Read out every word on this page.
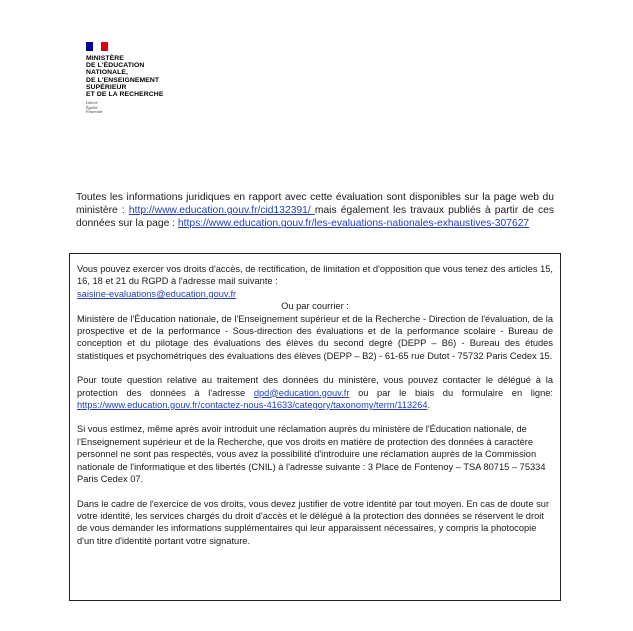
MINISTÈRE
DE L'ÉDUCATION
NATIONALE,
DE L'ENSEIGNEMENT
SUPÉRIEUR
ET DE LA RECHERCHE
Liberté
Égalité
Fraternité
Toutes les informations juridiques en rapport avec cette évaluation sont disponibles sur la page web du ministère : http://www.education.gouv.fr/cid132391/ mais également les travaux publiés à partir de ces données sur la page : https://www.education.gouv.fr/les-evaluations-nationales-exhaustives-307627

Vous pouvez exercer vos droits d'accès, de rectification, de limitation et d'opposition que vous tenez des articles 15, 16, 18 et 21 du RGPD à l'adresse mail suivante :
saisine-evaluations@education.gouv.fr

Ou par courrier :
Ministère de l'Éducation nationale, de l'Enseignement supérieur et de la Recherche - Direction de l'évaluation, de la prospective et de la performance - Sous-direction des évaluations et de la performance scolaire - Bureau de conception et du pilotage des évaluations des élèves du second degré (DEPP – B6) - Bureau des études statistiques et psychométriques des évaluations des élèves (DEPP – B2) - 61-65 rue Dutot - 75732 Paris Cedex 15.

Pour toute question relative au traitement des données du ministère, vous pouvez contacter le délégué à la protection des données à l'adresse dpd@education.gouv.fr ou par le biais du formulaire en ligne: https://www.education.gouv.fr/contactez-nous-41633/category/taxonomy/term/113264.

Si vous estimez, même après avoir introduit une réclamation auprès du ministère de l'Éducation nationale, de l'Enseignement supérieur et de la Recherche, que vos droits en matière de protection des données à caractère personnel ne sont pas respectés, vous avez la possibilité d'introduire une réclamation auprès de la Commission nationale de l'informatique et des libertés (CNIL) à l'adresse suivante : 3 Place de Fontenoy – TSA 80715 – 75334 Paris Cedex 07.

Dans le cadre de l'exercice de vos droits, vous devez justifier de votre identité par tout moyen. En cas de doute sur votre identité, les services chargés du droit d'accès et le délégué à la protection des données se réservent le droit de vous demander les informations supplémentaires qui leur apparaissent nécessaires, y compris la photocopie d'un titre d'identité portant votre signature.
